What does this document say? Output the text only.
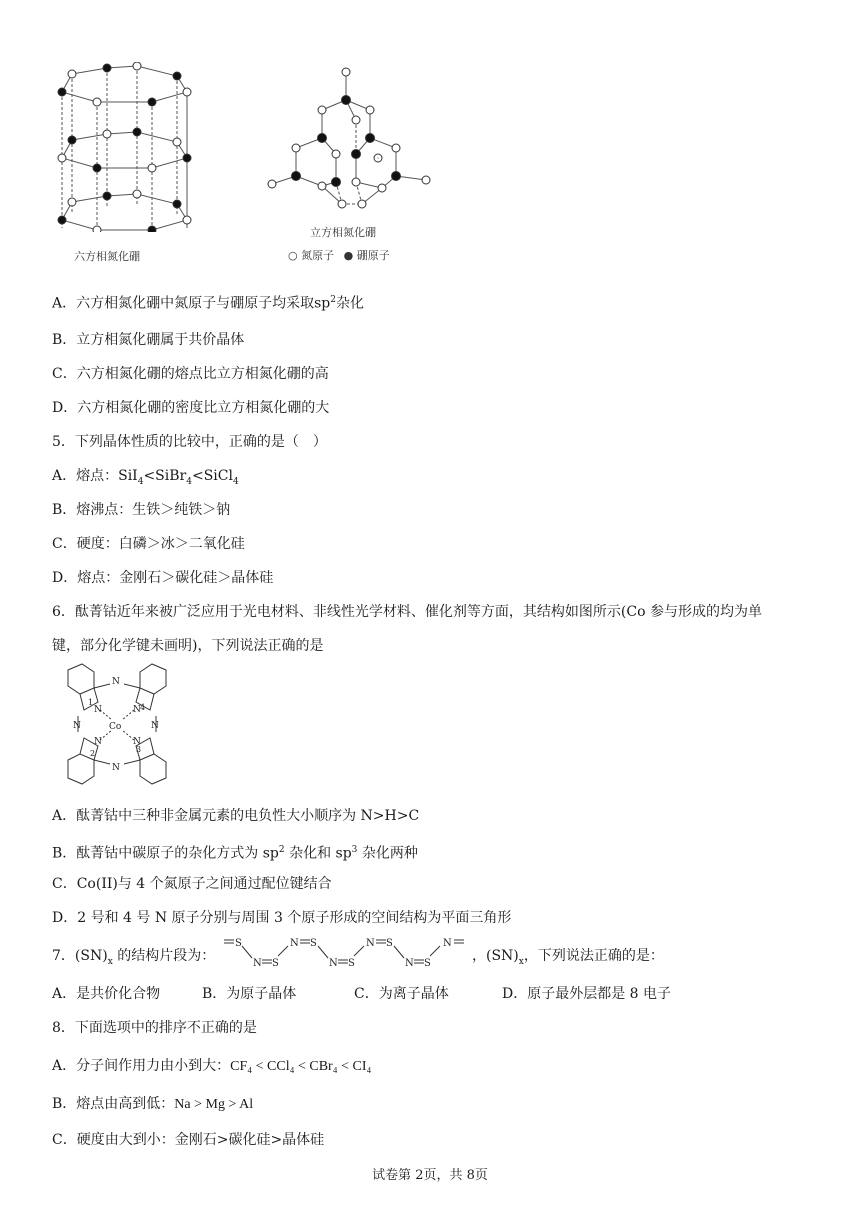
六方相氮化硼
立方相氮化硼
○ 氮原子 ● 硼原子
A．六方相氮化硼中氮原子与硼原子均采取$sp^2$杂化
B．立方相氮化硼属于共价晶体
C．六方相氮化硼的熔点比立方相氮化硼的高
D．六方相氮化硼的密度比立方相氮化硼的大
5．下列晶体性质的比较中，正确的是（　）
A．熔点：SiI$_4$<SiBr$_4$<SiCl$_4$
B．熔沸点：生铁＞纯铁＞钠
C．硬度：白磷＞冰＞二氧化硅
D．熔点：金刚石＞碳化硅＞晶体硅
6．酞菁钴近年来被广泛应用于光电材料、非线性光学材料、催化剂等方面，其结构如图所示(Co 参与形成的均为单
键，部分化学键未画明)，下列说法正确的是
N
N
N	N
N	N
N	N
Co
1
4
2	3
A．酞菁钴中三种非金属元素的电负性大小顺序为 N>H>C
B．酞菁钴中碳原子的杂化方式为 $sp^2$ 杂化和 $sp^3$ 杂化两种
C．Co(II)与 4 个氮原子之间通过配位键结合
D．2 号和 4 号 N 原子分别与周围 3 个原子形成的空间结构为平面三角形
7．$(SN)_x$ 的结构片段为：
S
N S
N S
N S
N S
N S
N
，$(SN)_x$，下列说法正确的是：
A．是共价化合物	B．为原子晶体	C．为离子晶体	D．原子最外层都是 8 电子
8．下面选项中的排序不正确的是
A．分子间作用力由小到大：CF₄ < CCl₄ < CBr₄ < CI₄
B．熔点由高到低：Na > Mg > Al
C．硬度由大到小：金刚石>碳化硅>晶体硅
试卷第 2页，共 8页
